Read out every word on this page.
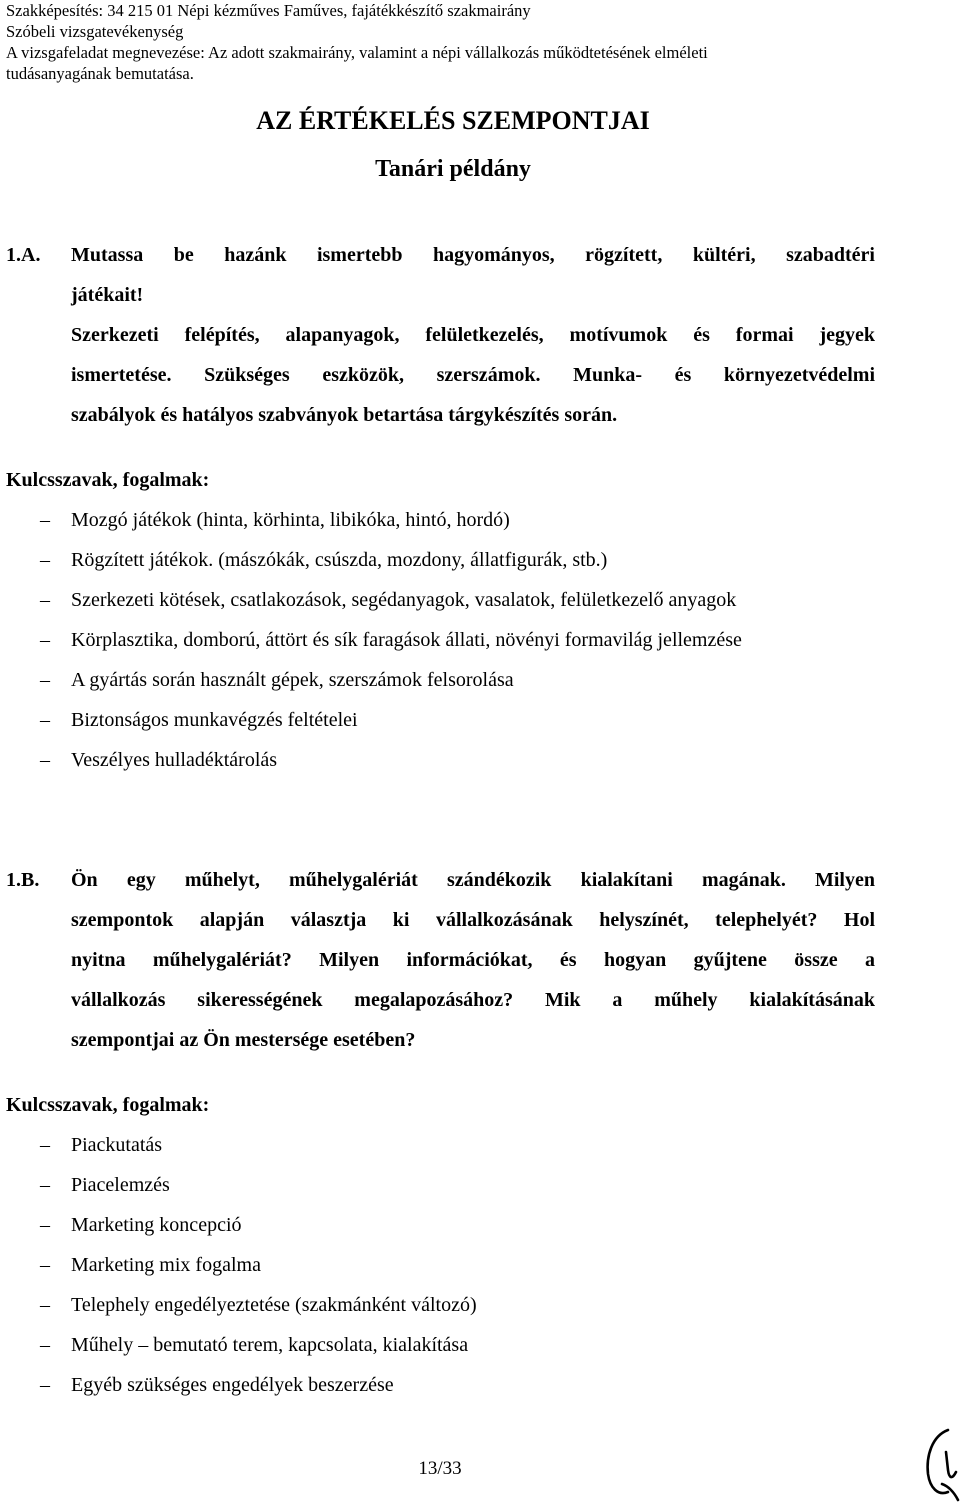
Szakképesítés: 34 215 01 Népi kézműves Faműves, fajátékkészítő szakmairány
Szóbeli vizsgatevékenység
A vizsgafeladat megnevezése: Az adott szakmairány, valamint a népi vállalkozás működtetésének elméleti
tudásanyagának bemutatása.
AZ ÉRTÉKELÉS SZEMPONTJAI
Tanári példány
1.A. Mutassa be hazánk ismertebb hagyományos, rögzített, kültéri, szabadtéri
játékait!
Szerkezeti felépítés, alapanyagok, felületkezelés, motívumok és formai jegyek
ismertetése. Szükséges eszközök, szerszámok. Munka- és környezetvédelmi
szabályok és hatályos szabványok betartása tárgykészítés során.
Kulcsszavak, fogalmak:
– Mozgó játékok (hinta, körhinta, libikóka, hintó, hordó)
– Rögzített játékok. (mászókák, csúszda, mozdony, állatfigurák, stb.)
– Szerkezeti kötések, csatlakozások, segédanyagok, vasalatok, felületkezelő anyagok
– Körplasztika, domború, áttört és sík faragások állati, növényi formavilág jellemzése
– A gyártás során használt gépek, szerszámok felsorolása
– Biztonságos munkavégzés feltételei
– Veszélyes hulladéktárolás
1.B. Ön egy műhelyt, műhelygalériát szándékozik kialakítani magának. Milyen
szempontok alapján választja ki vállalkozásának helyszínét, telephelyét? Hol
nyitna műhelygalériát? Milyen információkat, és hogyan gyűjtene össze a
vállalkozás sikerességének megalapozásához? Mik a műhely kialakításának
szempontjai az Ön mestersége esetében?
Kulcsszavak, fogalmak:
– Piackutatás
– Piacelemzés
– Marketing koncepció
– Marketing mix fogalma
– Telephely engedélyeztetése (szakmánként változó)
– Műhely – bemutató terem, kapcsolata, kialakítása
– Egyéb szükséges engedélyek beszerzése
13/33
